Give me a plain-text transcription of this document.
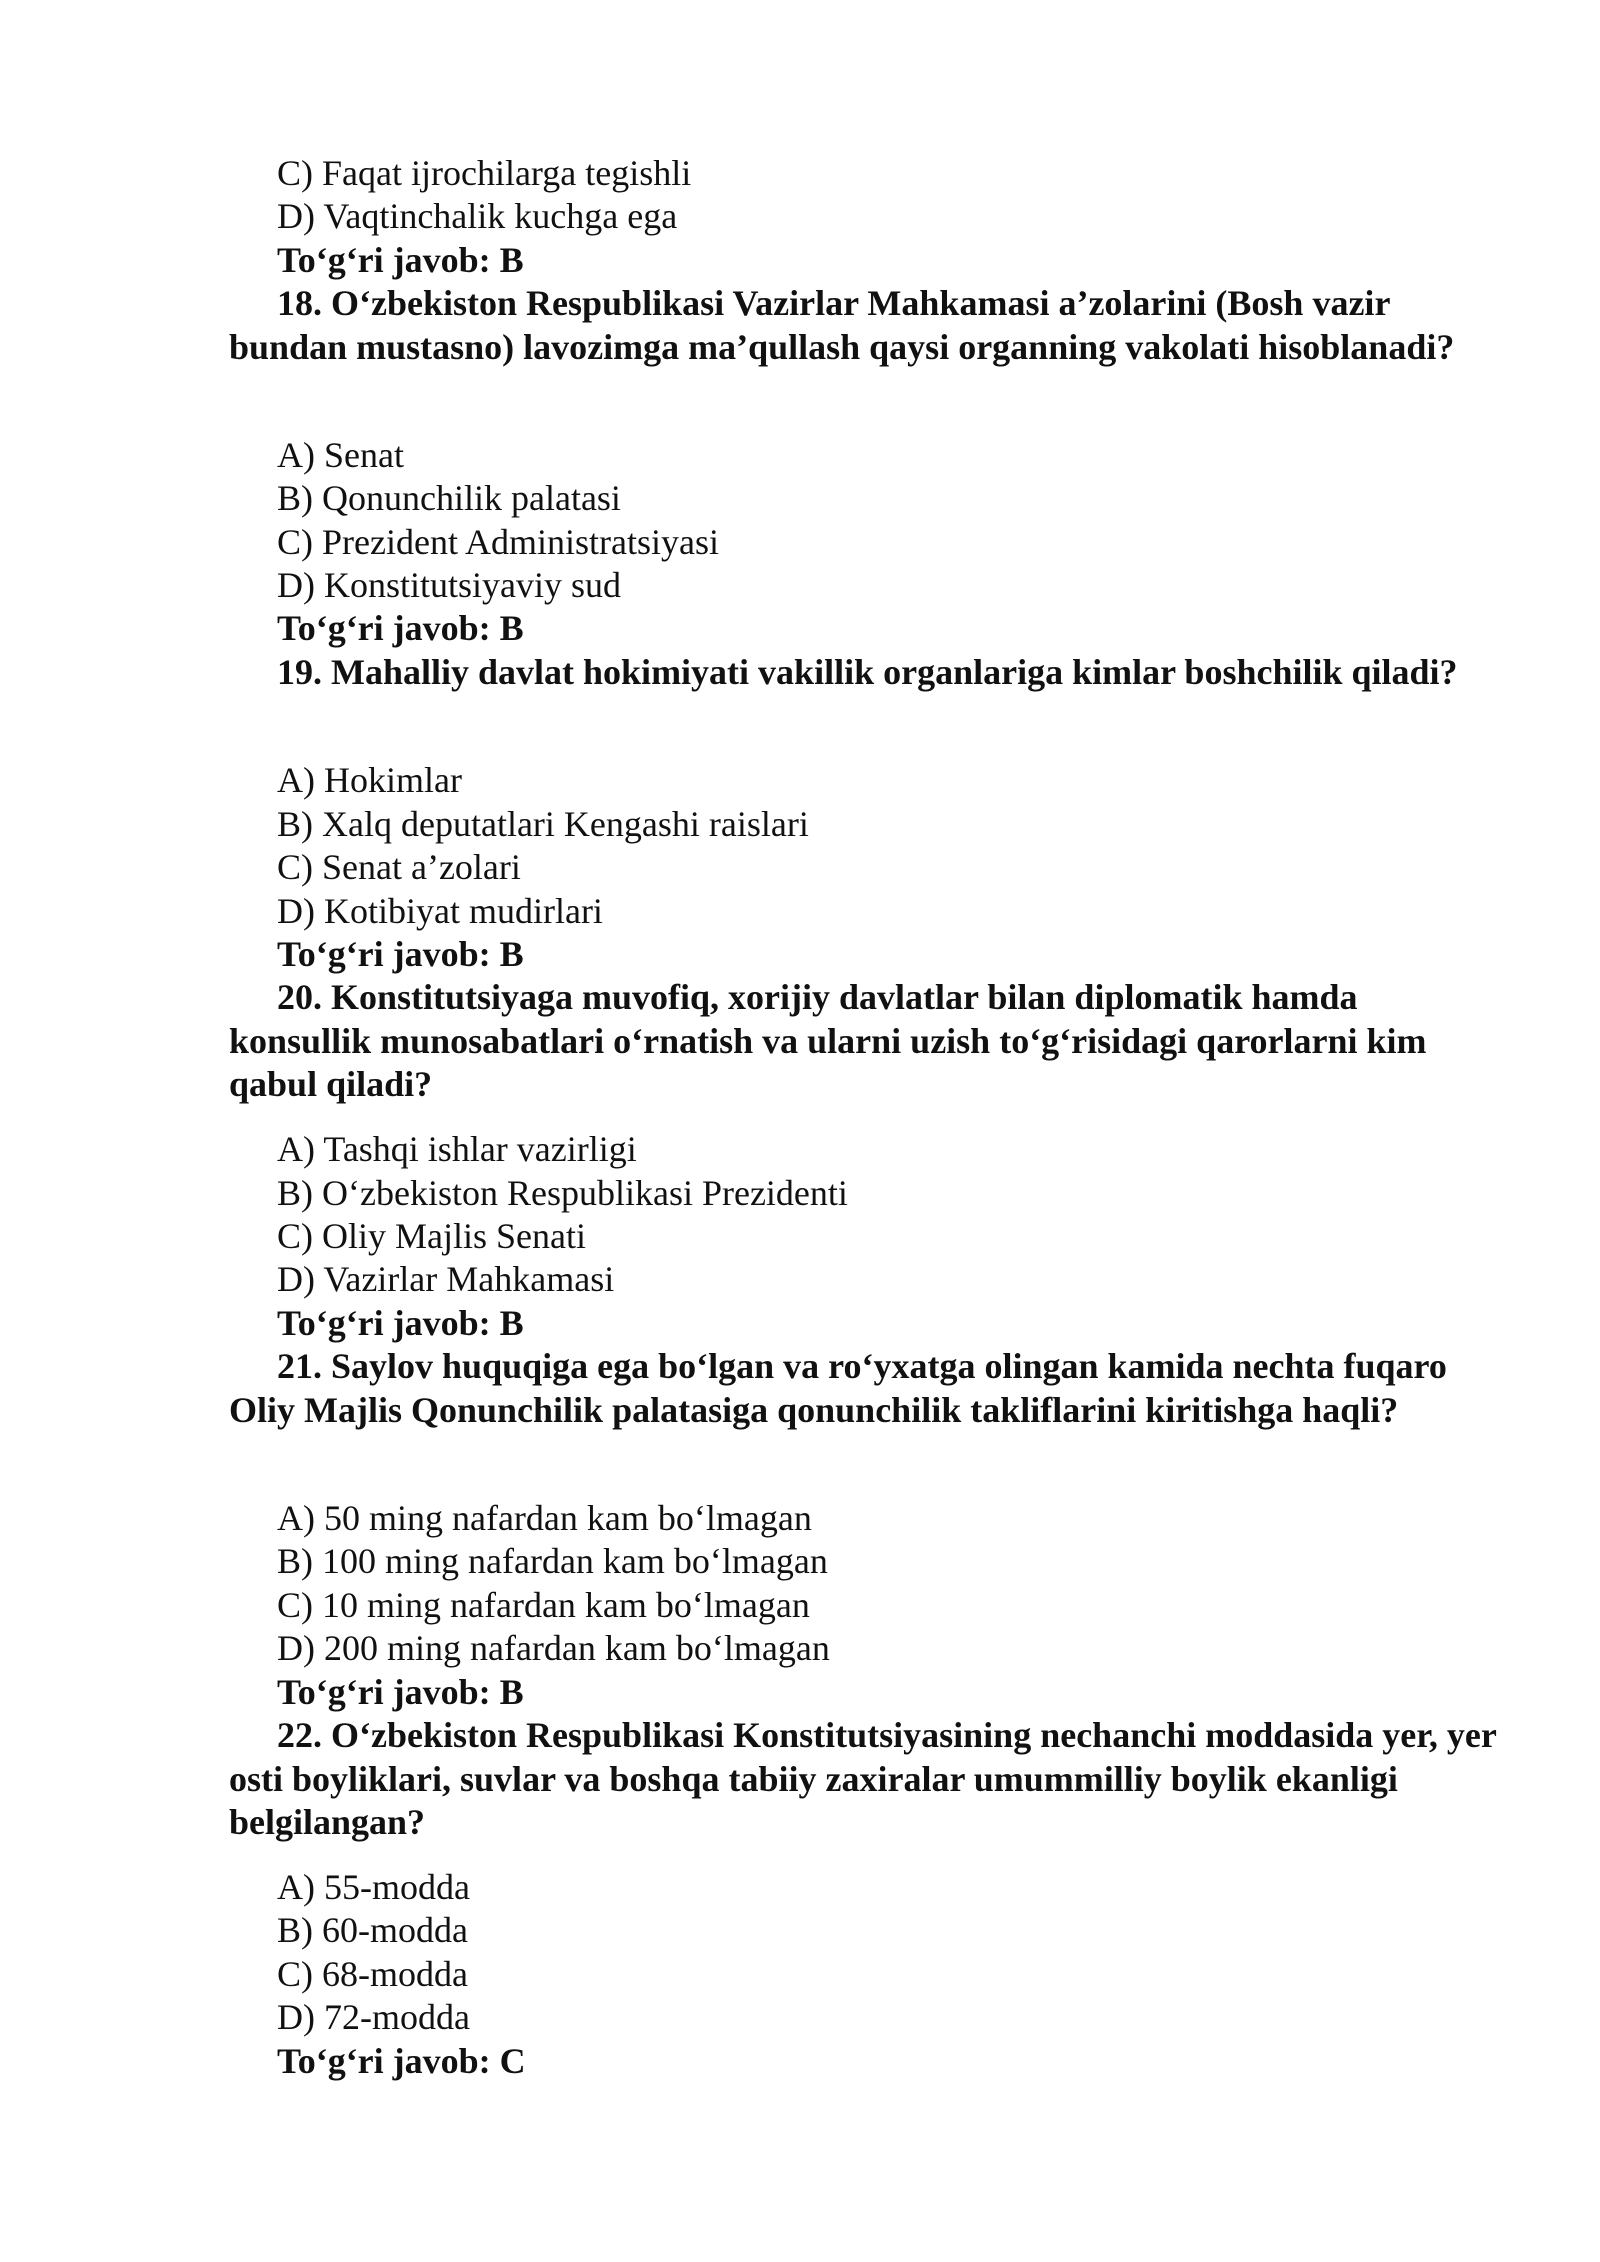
C) Faqat ijrochilarga tegishli
D) Vaqtinchalik kuchga ega
To‘g‘ri javob: B
18. O‘zbekiston Respublikasi Vazirlar Mahkamasi a’zolarini (Bosh vazir bundan mustasno) lavozimga ma’qullash qaysi organning vakolati hisoblanadi?
A) Senat
B) Qonunchilik palatasi
C) Prezident Administratsiyasi
D) Konstitutsiyaviy sud
To‘g‘ri javob: B
19. Mahalliy davlat hokimiyati vakillik organlariga kimlar boshchilik qiladi?
A) Hokimlar
B) Xalq deputatlari Kengashi raislari
C) Senat a’zolari
D) Kotibiyat mudirlari
To‘g‘ri javob: B
20. Konstitutsiyaga muvofiq, xorijiy davlatlar bilan diplomatik hamda konsullik munosabatlari o‘rnatish va ularni uzish to‘g‘risidagi qarorlarni kim qabul qiladi?
A) Tashqi ishlar vazirligi
B) O‘zbekiston Respublikasi Prezidenti
C) Oliy Majlis Senati
D) Vazirlar Mahkamasi
To‘g‘ri javob: B
21. Saylov huquqiga ega bo‘lgan va ro‘yxatga olingan kamida nechta fuqaro Oliy Majlis Qonunchilik palatasiga qonunchilik takliflarini kiritishga haqli?
A) 50 ming nafardan kam bo‘lmagan
B) 100 ming nafardan kam bo‘lmagan
C) 10 ming nafardan kam bo‘lmagan
D) 200 ming nafardan kam bo‘lmagan
To‘g‘ri javob: B
22. O‘zbekiston Respublikasi Konstitutsiyasining nechanchi moddasida yer, yer osti boyliklari, suvlar va boshqa tabiiy zaxiralar umummilliy boylik ekanligi belgilangan?
A) 55-modda
B) 60-modda
C) 68-modda
D) 72-modda
To‘g‘ri javob: C
